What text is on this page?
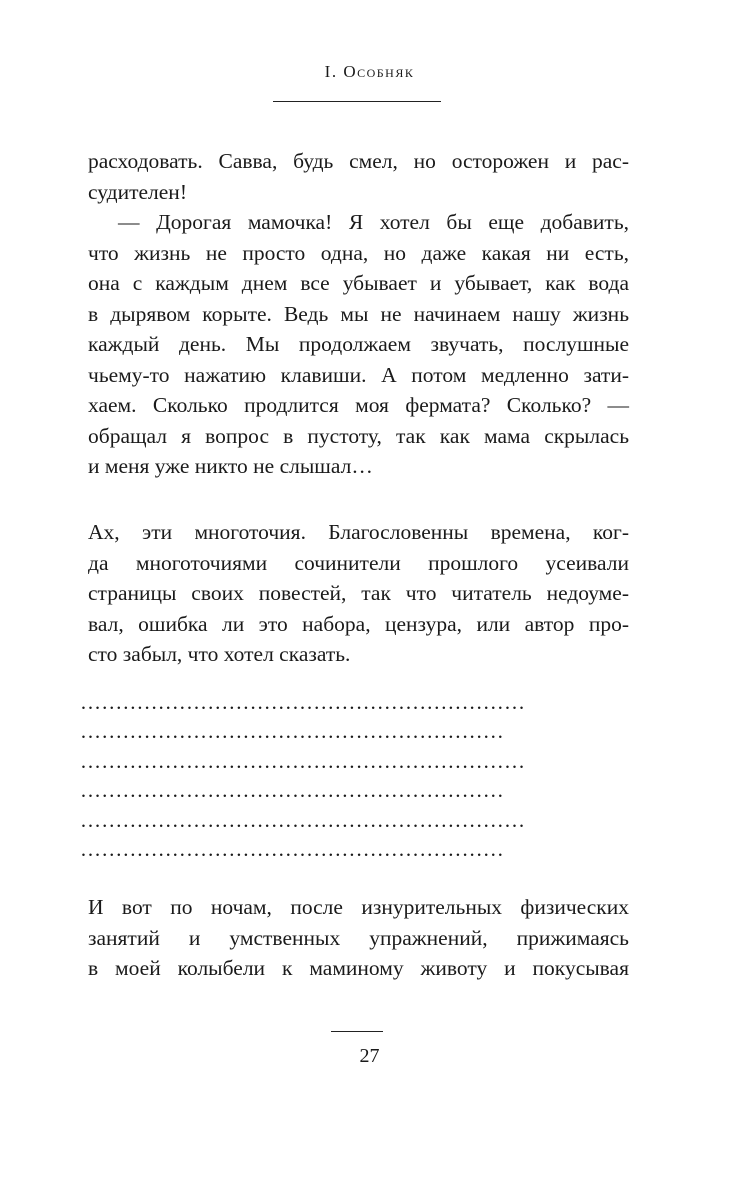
I. Особняк
расходовать. Савва, будь смел, но осторожен и рас-
судителен!
— Дорогая мамочка! Я хотел бы еще добавить,
что жизнь не просто одна, но даже какая ни есть,
она с каждым днем все убывает и убывает, как вода
в дырявом корыте. Ведь мы не начинаем нашу жизнь
каждый день. Мы продолжаем звучать, послушные
чьему-то нажатию клавиши. А потом медленно зати-
хаем. Сколько продлится моя фермата? Сколько? —
обращал я вопрос в пустоту, так как мама скрылась
и меня уже никто не слышал…
Ах, эти многоточия. Благословенны времена, ког-
да многоточиями сочинители прошлого усеивали
страницы своих повестей, так что читатель недоуме-
вал, ошибка ли это набора, цензура, или автор про-
сто забыл, что хотел сказать.
………………………………………………………
……………………………………………………
………………………………………………………
……………………………………………………
………………………………………………………
……………………………………………………
И вот по ночам, после изнурительных физических
занятий и умственных упражнений, прижимаясь
в моей колыбели к маминому животу и покусывая
27
